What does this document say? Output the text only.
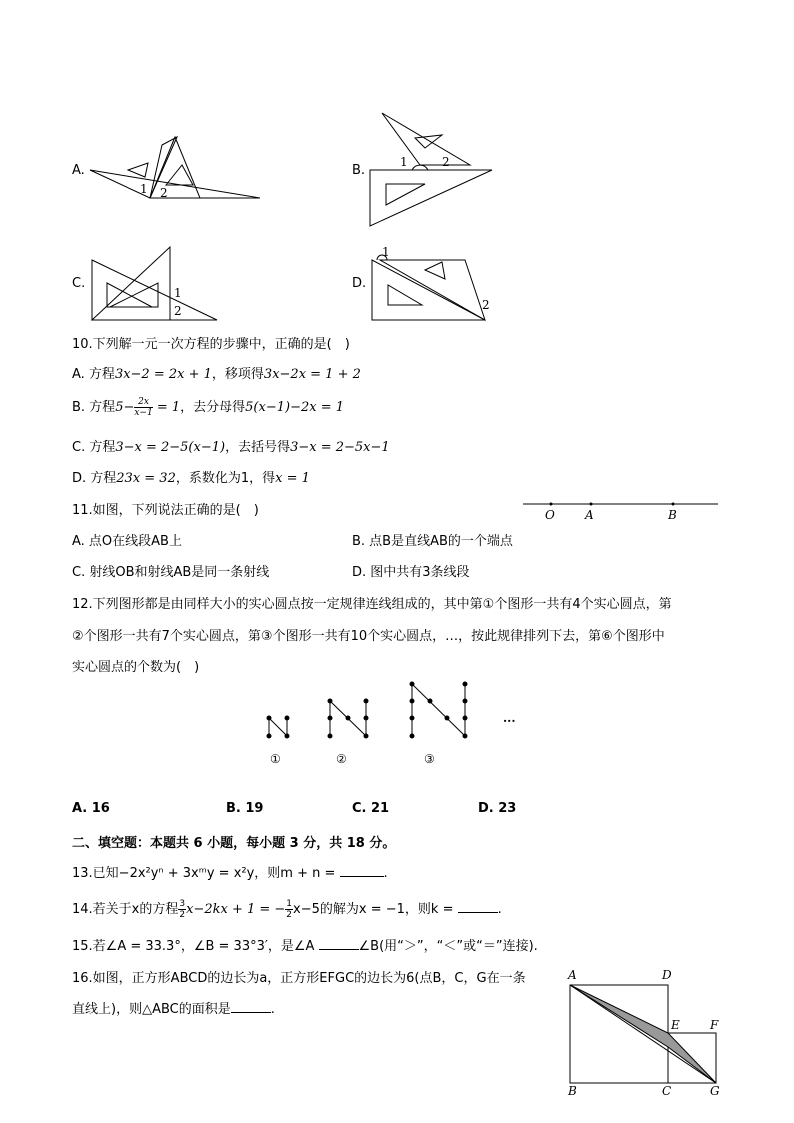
A.
1 2
B.
1	2
C.
1
2
D.
1
2
10.下列解一元一次方程的步骤中，正确的是(　)
A. 方程3x−2 = 2x + 1，移项得3x−2x = 1 + 2
B. 方程$5- \frac{2x}{x-1} = 1$，去分母得5(x−1)−2x = 1
C. 方程3−x = 2−5(x−1)，去括号得3−x = 2−5x−1
D. 方程23x = 32，系数化为1，得x = 1
11.如图，下列说法正确的是(　)	O	A	B
A. 点O在线段AB上	B. 点B是直线AB的一个端点
C. 射线OB和射线AB是同一条射线	D. 图中共有3条线段
12.下列图形都是由同样大小的实心圆点按一定规律连线组成的，其中第①个图形一共有4个实心圆点，第
②个图形一共有7个实心圆点，第③个图形一共有10个实心圆点，…，按此规律排列下去，第⑥个图形中
实心圆点的个数为(　)
···
①	②	③
A. 16	B. 19	C. 21	D. 23
二、填空题：本题共 6 小题，每小题 3 分，共 18 分。
13.已知−2x²yⁿ + 3xᵐy = x²y，则m + n =	.
14.若关于x的方程 $\frac{3}{2} x-2kx + 1$ = − $\frac{1}{2} x-5$的解为x = −1，则k =	.
15.若∠A = 33.3°，∠B = 33°3′，是∠A	∠B(用“＞”，“＜”或“＝”连接).
16.如图，正方形ABCD的边长为a，正方形EFGC的边长为6(点B，C，G在一条
直线上)，则△ABC的面积是	.
A	D
E	F
B	C	G
